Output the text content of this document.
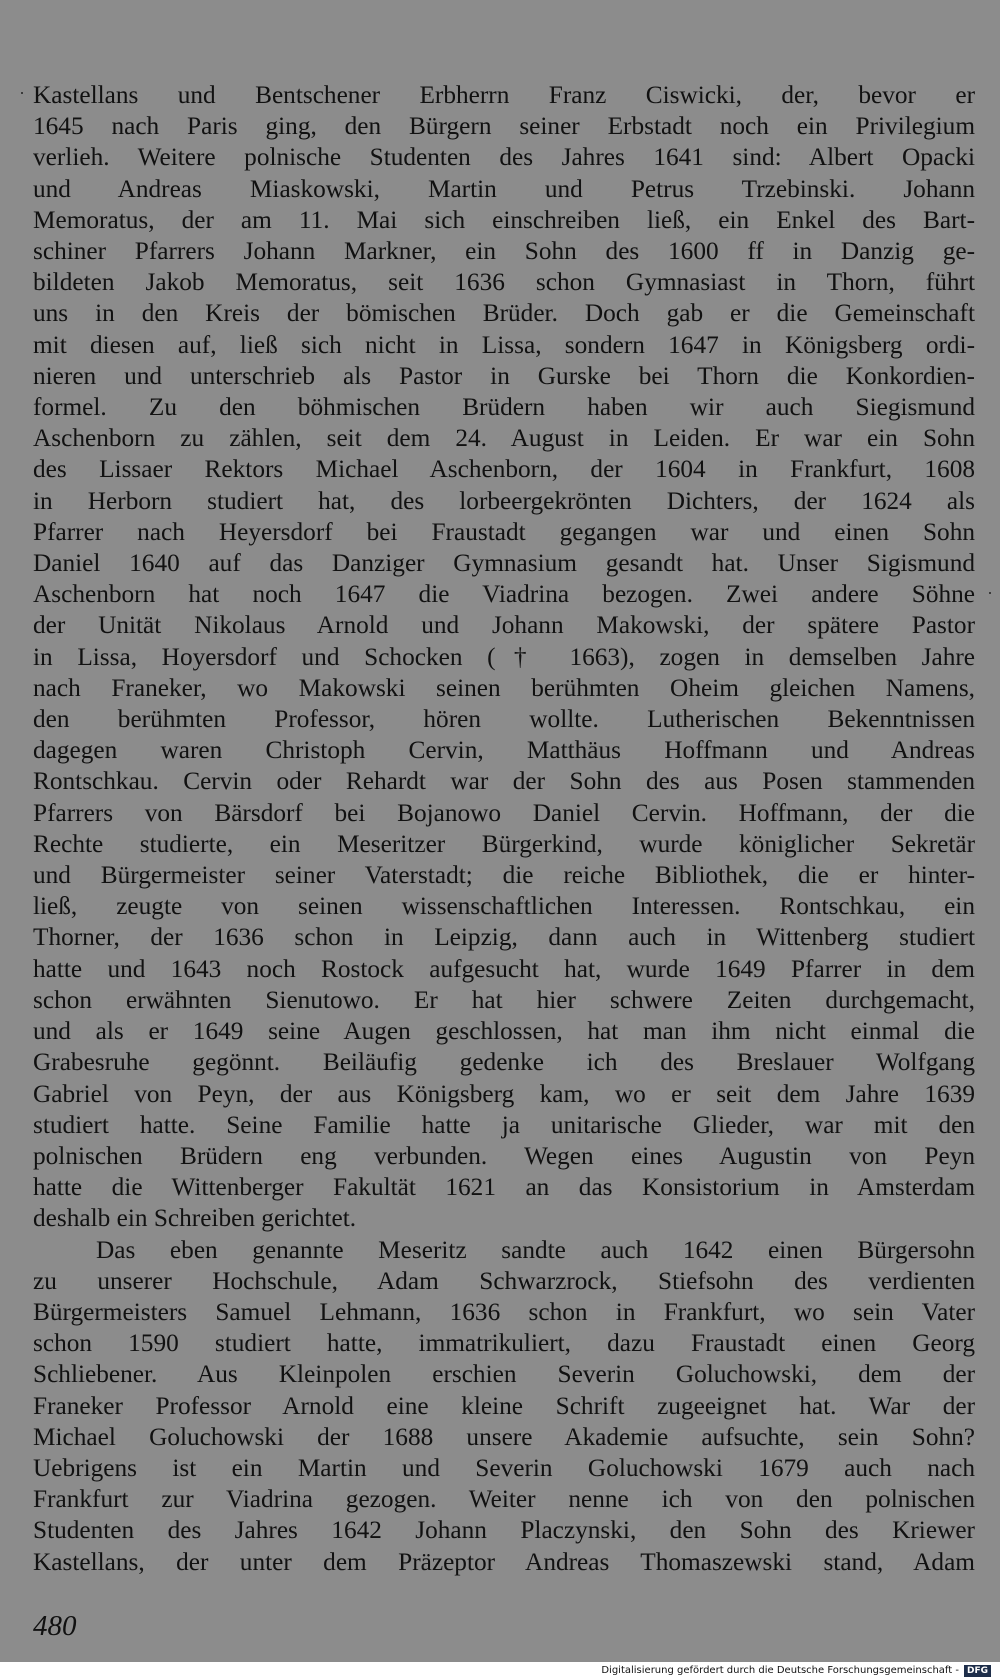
Kastellans und Bentschener Erbherrn Franz Ciswicki, der, bevor er
1645 nach Paris ging, den Bürgern seiner Erbstadt noch ein Privilegium
verlieh. Weitere polnische Studenten des Jahres 1641 sind: Albert Opacki
und Andreas Miaskowski, Martin und Petrus Trzebinski. Johann
Memoratus, der am 11. Mai sich einschreiben ließ, ein Enkel des Bart-
schiner Pfarrers Johann Markner, ein Sohn des 1600 ff in Danzig ge-
bildeten Jakob Memoratus, seit 1636 schon Gymnasiast in Thorn, führt
uns in den Kreis der bömischen Brüder. Doch gab er die Gemeinschaft
mit diesen auf, ließ sich nicht in Lissa, sondern 1647 in Königsberg ordi-
nieren und unterschrieb als Pastor in Gurske bei Thorn die Konkordien-
formel. Zu den böhmischen Brüdern haben wir auch Siegismund
Aschenborn zu zählen, seit dem 24. August in Leiden. Er war ein Sohn
des Lissaer Rektors Michael Aschenborn, der 1604 in Frankfurt, 1608
in Herborn studiert hat, des lorbeergekrönten Dichters, der 1624 als
Pfarrer nach Heyersdorf bei Fraustadt gegangen war und einen Sohn
Daniel 1640 auf das Danziger Gymnasium gesandt hat. Unser Sigismund
Aschenborn hat noch 1647 die Viadrina bezogen. Zwei andere Söhne
der Unität Nikolaus Arnold und Johann Makowski, der spätere Pastor
in Lissa, Hoyersdorf und Schocken († 1663), zogen in demselben Jahre
nach Franeker, wo Makowski seinen berühmten Oheim gleichen Namens,
den berühmten Professor, hören wollte. Lutherischen Bekenntnissen
dagegen waren Christoph Cervin, Matthäus Hoffmann und Andreas
Rontschkau. Cervin oder Rehardt war der Sohn des aus Posen stammenden
Pfarrers von Bärsdorf bei Bojanowo Daniel Cervin. Hoffmann, der die
Rechte studierte, ein Meseritzer Bürgerkind, wurde königlicher Sekretär
und Bürgermeister seiner Vaterstadt; die reiche Bibliothek, die er hinter-
ließ, zeugte von seinen wissenschaftlichen Interessen. Rontschkau, ein
Thorner, der 1636 schon in Leipzig, dann auch in Wittenberg studiert
hatte und 1643 noch Rostock aufgesucht hat, wurde 1649 Pfarrer in dem
schon erwähnten Sienutowo. Er hat hier schwere Zeiten durchgemacht,
und als er 1649 seine Augen geschlossen, hat man ihm nicht einmal die
Grabesruhe gegönnt. Beiläufig gedenke ich des Breslauer Wolfgang
Gabriel von Peyn, der aus Königsberg kam, wo er seit dem Jahre 1639
studiert hatte. Seine Familie hatte ja unitarische Glieder, war mit den
polnischen Brüdern eng verbunden. Wegen eines Augustin von Peyn
hatte die Wittenberger Fakultät 1621 an das Konsistorium in Amsterdam
deshalb ein Schreiben gerichtet.
Das eben genannte Meseritz sandte auch 1642 einen Bürgersohn
zu unserer Hochschule, Adam Schwarzrock, Stiefsohn des verdienten
Bürgermeisters Samuel Lehmann, 1636 schon in Frankfurt, wo sein Vater
schon 1590 studiert hatte, immatrikuliert, dazu Fraustadt einen Georg
Schliebener. Aus Kleinpolen erschien Severin Goluchowski, dem der
Franeker Professor Arnold eine kleine Schrift zugeeignet hat. War der
Michael Goluchowski der 1688 unsere Akademie aufsuchte, sein Sohn?
Uebrigens ist ein Martin und Severin Goluchowski 1679 auch nach
Frankfurt zur Viadrina gezogen. Weiter nenne ich von den polnischen
Studenten des Jahres 1642 Johann Placzynski, den Sohn des Kriewer
Kastellans, der unter dem Präzeptor Andreas Thomaszewski stand, Adam
480
Digitalisierung gefördert durch die Deutsche Forschungsgemeinschaft - DFG
